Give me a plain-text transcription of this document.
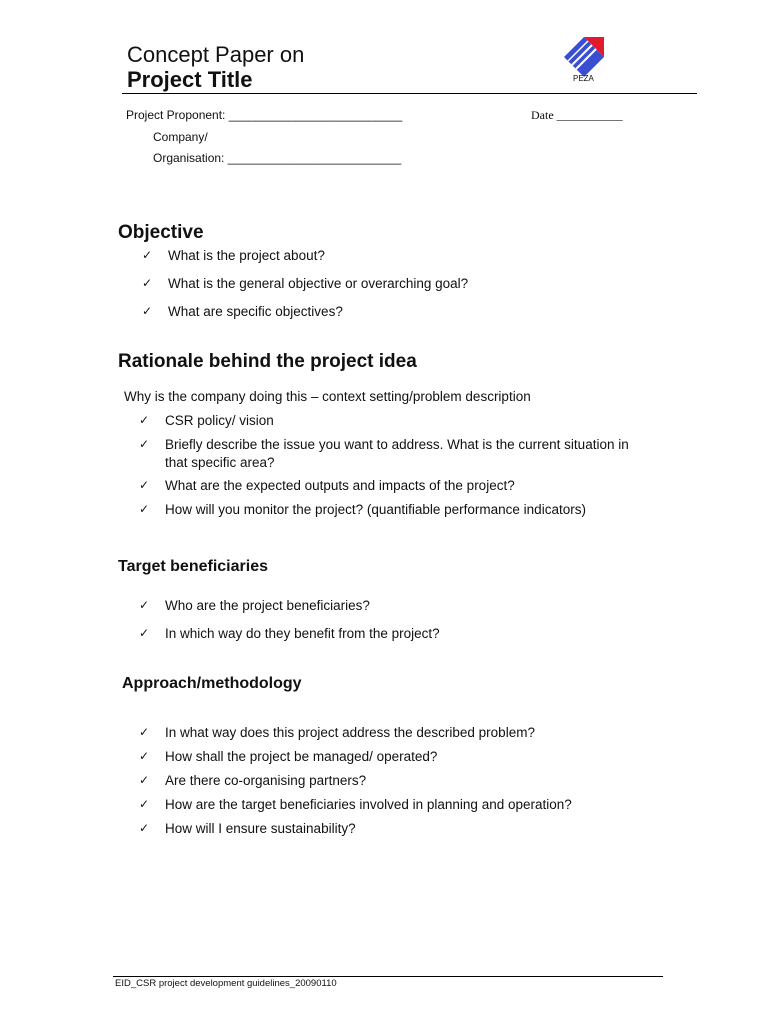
Concept Paper on
Project Title	PEZA
Project Proponent: __________________________	Date ___________
Company/
Organisation: __________________________
Objective
✓ What is the project about?
✓ What is the general objective or overarching goal?
✓ What are specific objectives?
Rationale behind the project idea
Why is the company doing this – context setting/problem description
✓ CSR policy/ vision
✓ Briefly describe the issue you want to address. What is the current situation in
that specific area?
✓ What are the expected outputs and impacts of the project?
✓ How will you monitor the project? (quantifiable performance indicators)
Target beneficiaries
✓ Who are the project beneficiaries?
✓ In which way do they benefit from the project?
Approach/methodology
✓ In what way does this project address the described problem?
✓ How shall the project be managed/ operated?
✓ Are there co-organising partners?
✓ How are the target beneficiaries involved in planning and operation?
✓ How will I ensure sustainability?
EID_CSR project development guidelines_20090110
